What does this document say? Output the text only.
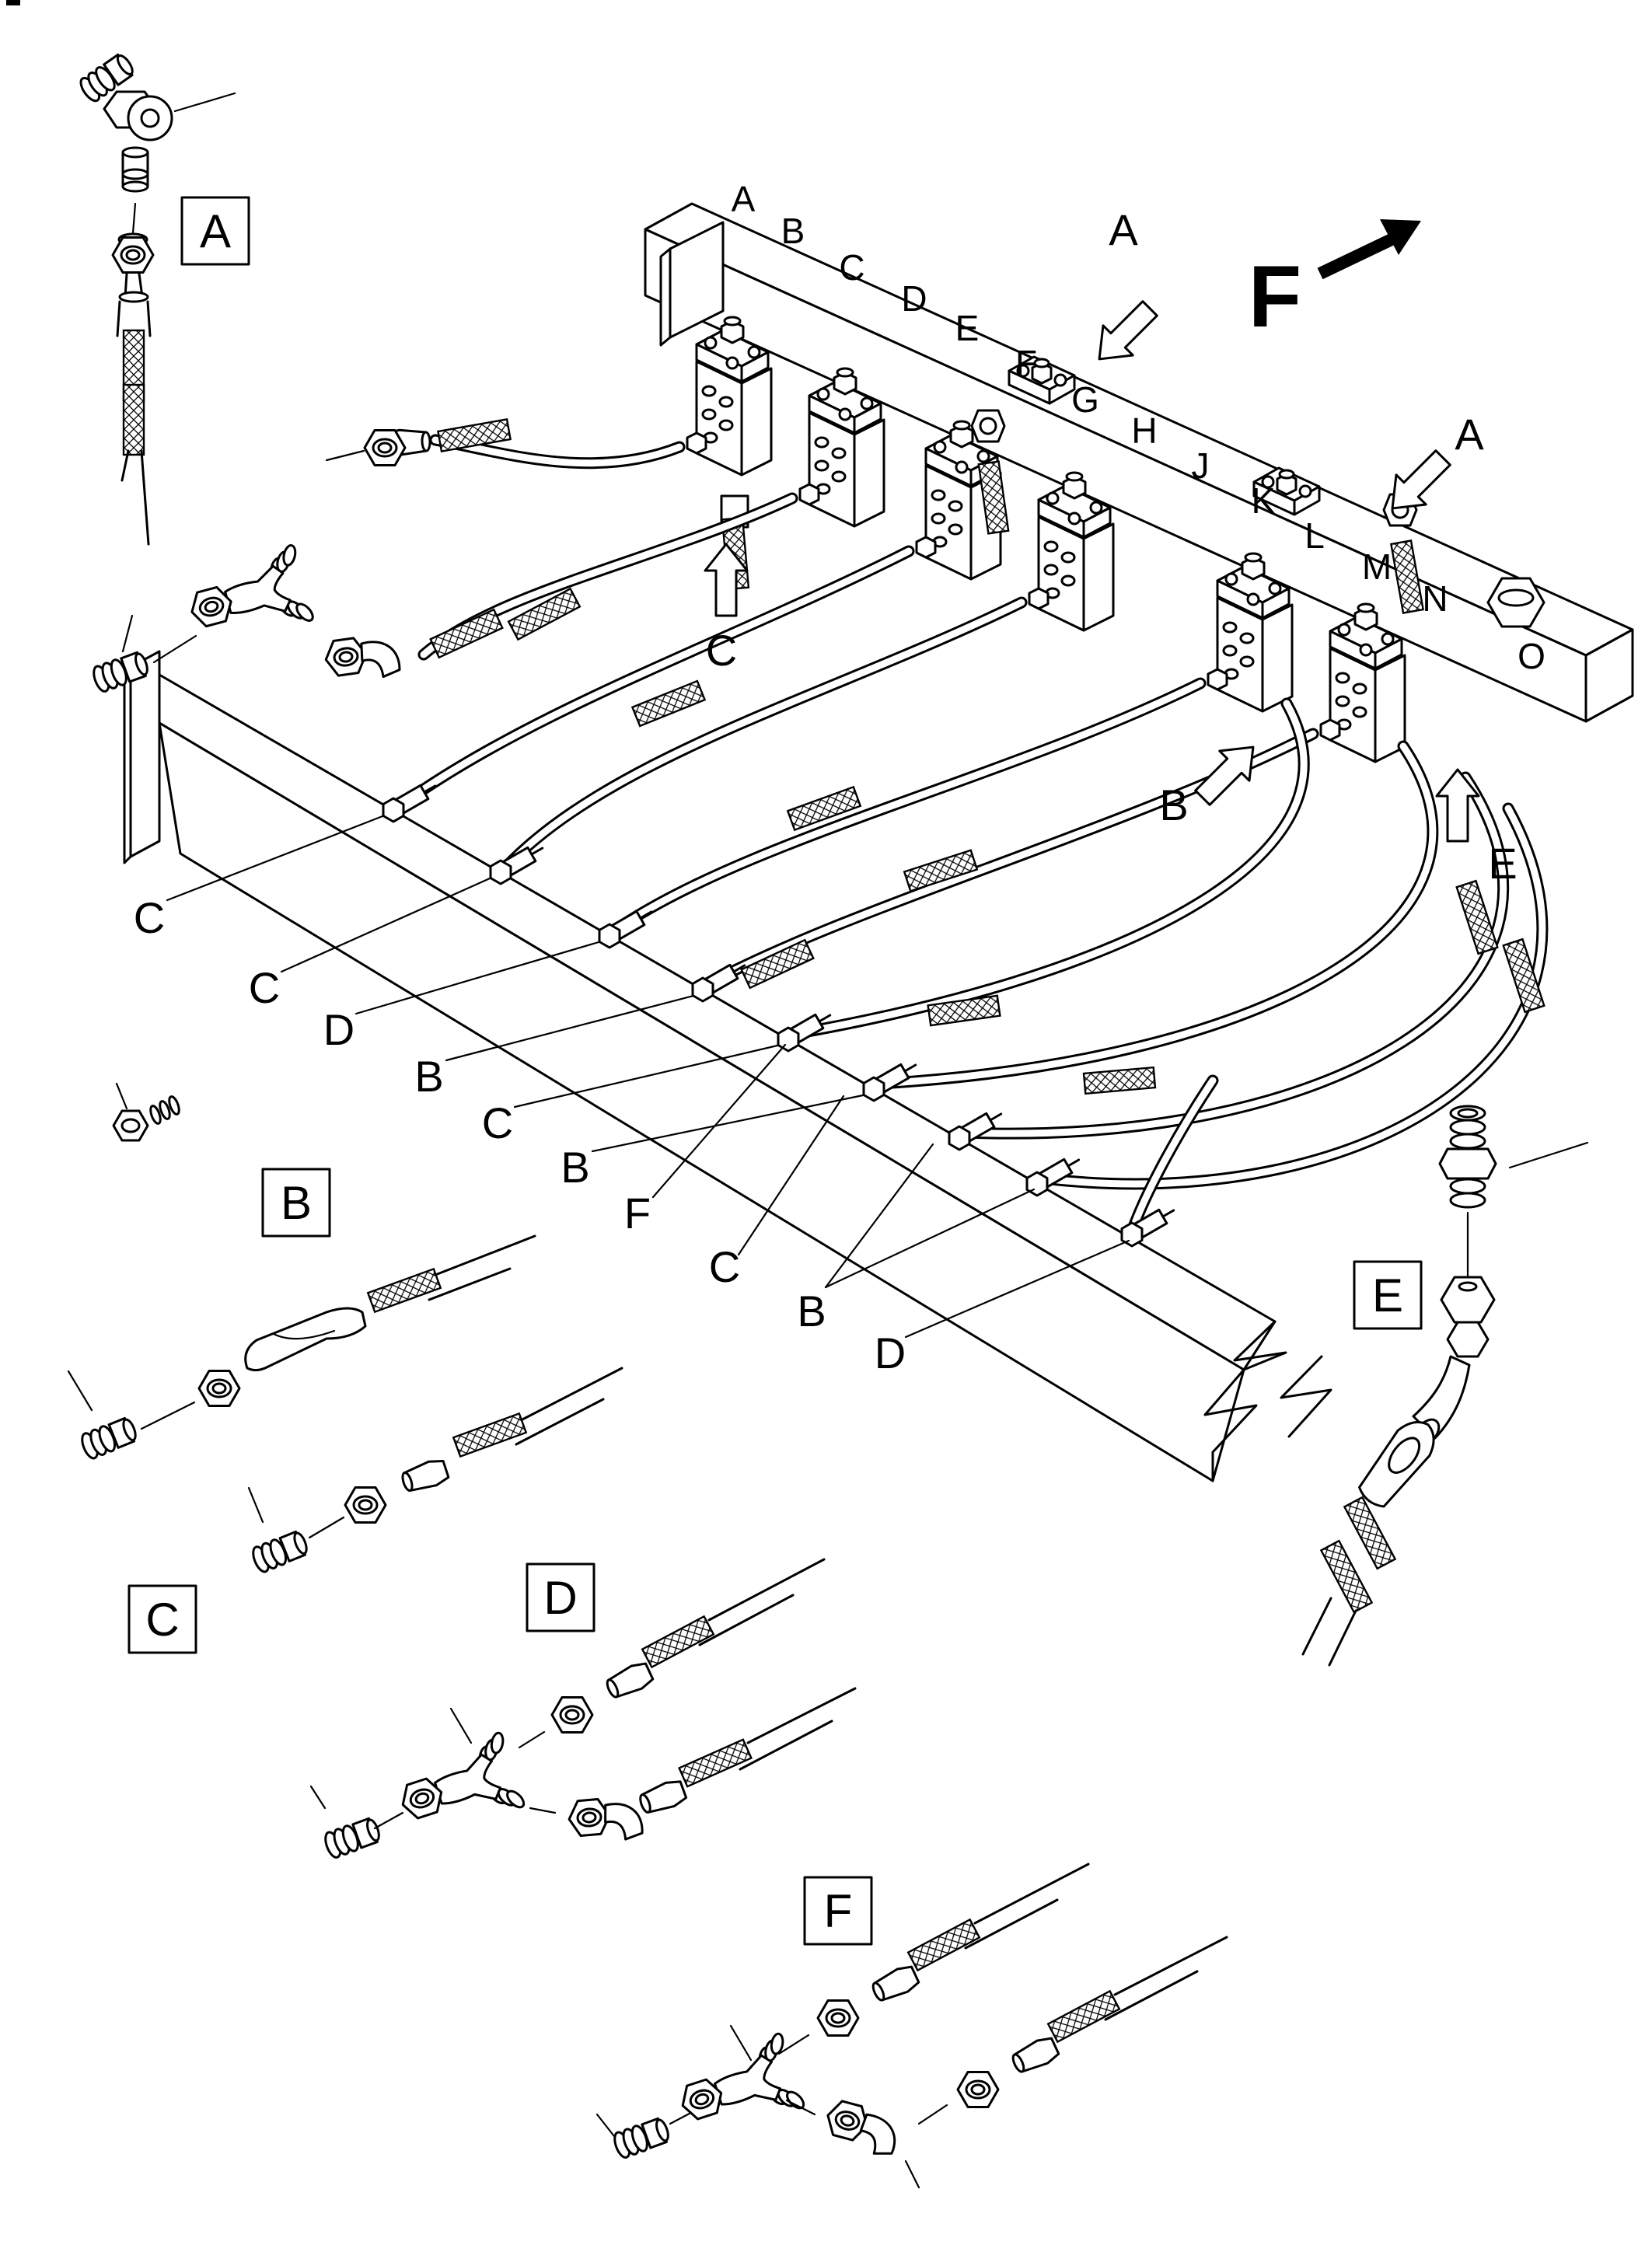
F
A
A
C
E
B
A
B
C
D
E
F
G
H
J
K
L
M
N
O
C
C
D
B
C
B
F
C
B
D
A
B
C	D
E
F
